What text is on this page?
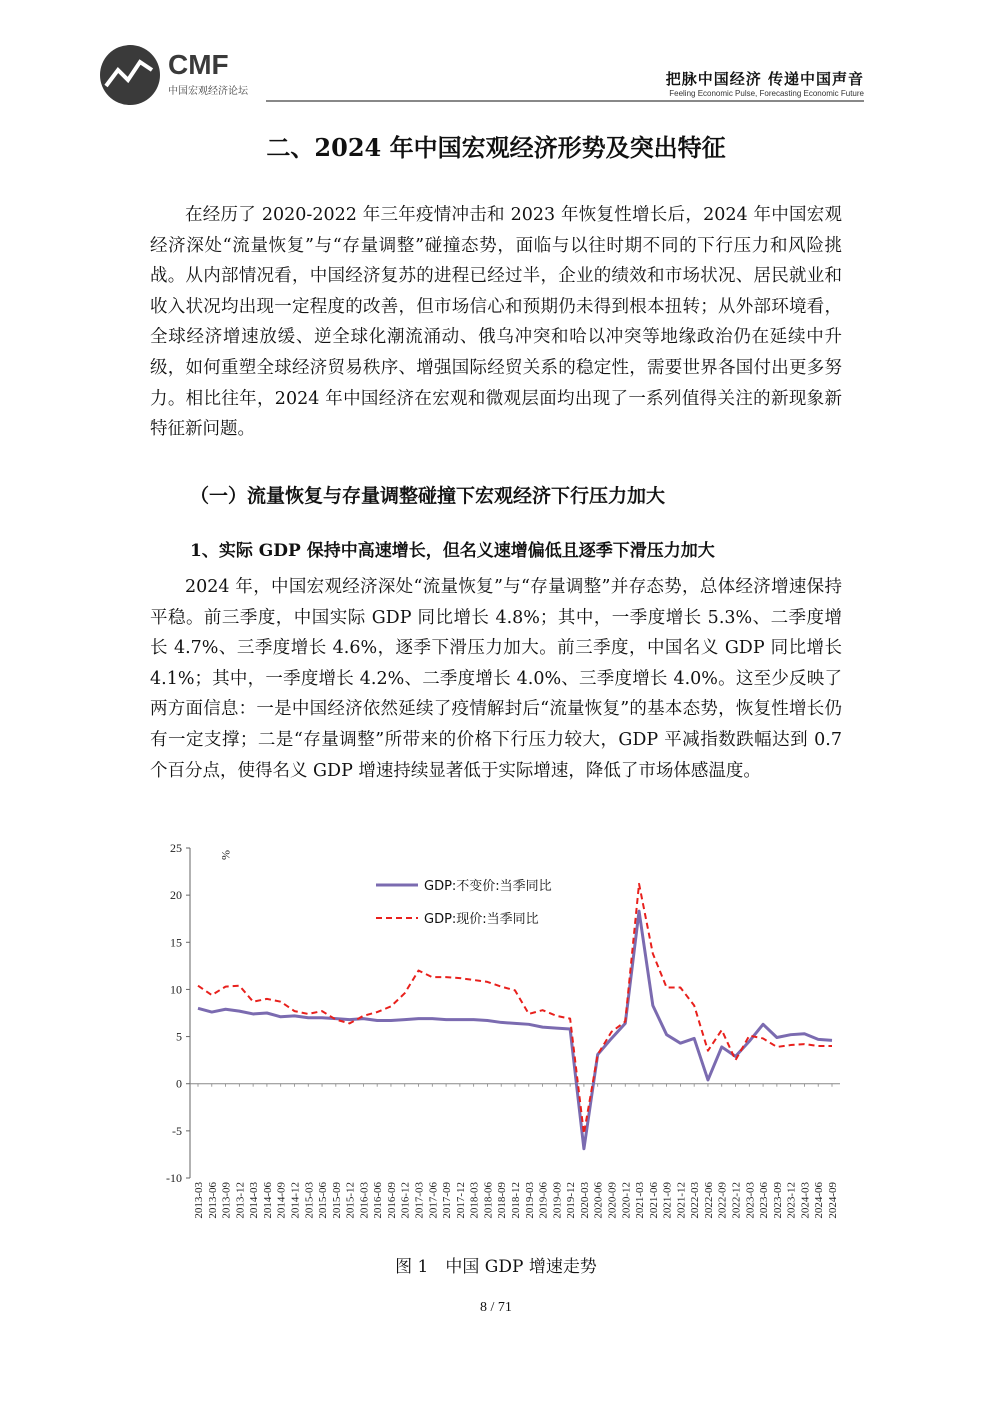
CMF
中国宏观经济论坛
把脉中国经济 传递中国声音
Feeling Economic Pulse, Forecasting Economic Future
二、2024 年中国宏观经济形势及突出特征

在经历了 2020-2022 年三年疫情冲击和 2023 年恢复性增长后，2024 年中国宏观经济深处“流量恢复”与“存量调整”碰撞态势，面临与以往时期不同的下行压力和风险挑战。从内部情况看，中国经济复苏的进程已经过半，企业的绩效和市场状况、居民就业和收入状况均出现一定程度的改善，但市场信心和预期仍未得到根本扭转；从外部环境看，全球经济增速放缓、逆全球化潮流涌动、俄乌冲突和哈以冲突等地缘政治仍在延续中升级，如何重塑全球经济贸易秩序、增强国际经贸关系的稳定性，需要世界各国付出更多努力。相比往年，2024 年中国经济在宏观和微观层面均出现了一系列值得关注的新现象新特征新问题。

（一）流量恢复与存量调整碰撞下宏观经济下行压力加大
1、实际 GDP 保持中高速增长，但名义速增偏低且逐季下滑压力加大

2024 年，中国宏观经济深处“流量恢复”与“存量调整”并存态势，总体经济增速保持平稳。前三季度，中国实际 GDP 同比增长 4.8%；其中，一季度增长 5.3%、二季度增长 4.7%、三季度增长 4.6%，逐季下滑压力加大。前三季度，中国名义 GDP 同比增长 4.1%；其中，一季度增长 4.2%、二季度增长 4.0%、三季度增长 4.0%。这至少反映了两方面信息：一是中国经济依然延续了疫情解封后“流量恢复”的基本态势，恢复性增长仍有一定支撑；二是“存量调整”所带来的价格下行压力较大，GDP 平减指数跌幅达到 0.7 个百分点，使得名义 GDP 增速持续显著低于实际增速，降低了市场体感温度。

25
20
15
10
5
0
-5
-10
%
2013-03 2013-06 2013-09 2013-12 2014-03 2014-06 2014-09 2014-12 2015-03 2015-06 2015-09 2015-12 2016-03 2016-06 2016-09 2016-12 2017-03 2017-06 2017-09 2017-12 2018-03 2018-06 2018-09 2018-12 2019-03 2019-06 2019-09 2019-12 2020-03 2020-06 2020-09 2020-12 2021-03 2021-06 2021-09 2021-12 2022-03 2022-06 2022-09 2022-12 2023-03 2023-06 2023-09 2023-12 2024-03 2024-06 2024-09
GDP:不变价:当季同比
GDP:现价:当季同比
图 1　中国 GDP 增速走势
8 / 71
